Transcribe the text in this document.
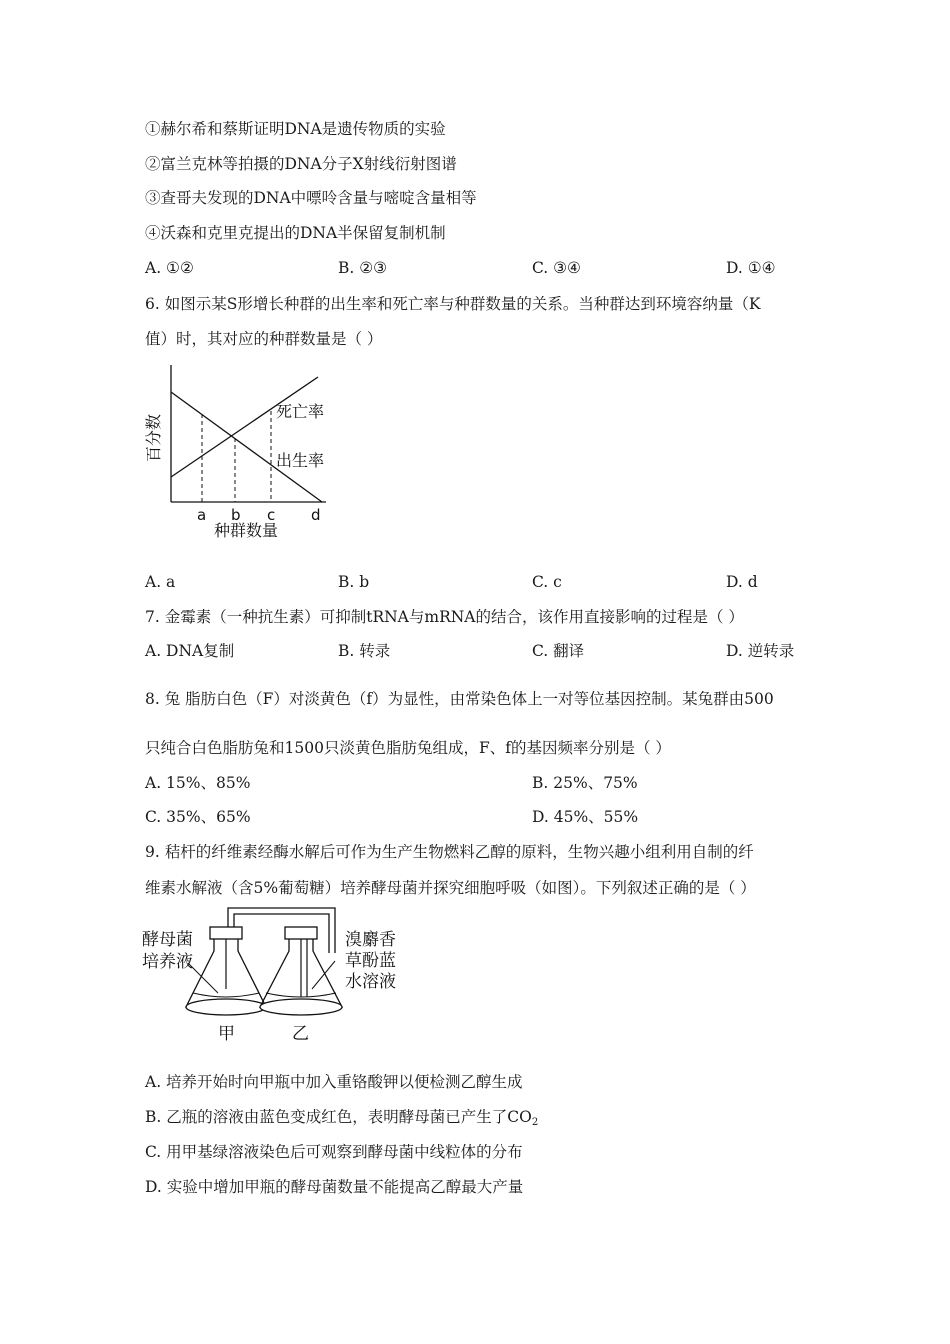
①赫尔希和蔡斯证明DNA是遗传物质的实验
②富兰克林等拍摄的DNA分子X射线衍射图谱
③查哥夫发现的DNA中嘌呤含量与嘧啶含量相等
④沃森和克里克提出的DNA半保留复制机制
A. ①②	B. ②③	C. ③④	D. ①④
6. 如图示某S形增长种群的出生率和死亡率与种群数量的关系。当种群达到环境容纳量（K
值）时，其对应的种群数量是（ ）
百分数
死亡率
出生率
a b c d
种群数量
A. a	B. b	C. c	D. d
7. 金霉素（一种抗生素）可抑制tRNA与mRNA的结合，该作用直接影响的过程是（ ）
A. DNA复制	B. 转录	C. 翻译	D. 逆转录
8. 兔 脂肪白色（F）对淡黄色（f）为显性，由常染色体上一对等位基因控制。某兔群由500
只纯合白色脂肪兔和1500只淡黄色脂肪兔组成，F、f的基因频率分别是（ ）
A. 15%、85%	B. 25%、75%
C. 35%、65%	D. 45%、55%
9. 秸杆的纤维素经酶水解后可作为生产生物燃料乙醇的原料，生物兴趣小组利用自制的纤
维素水解液（含5%葡萄糖）培养酵母菌并探究细胞呼吸（如图）。下列叙述正确的是（ ）
酵母菌
培养液
溴麝香
草酚蓝
水溶液
甲	乙
A. 培养开始时向甲瓶中加入重铬酸钾以便检测乙醇生成
B. 乙瓶的溶液由蓝色变成红色，表明酵母菌已产生了$CO_2$
C. 用甲基绿溶液染色后可观察到酵母菌中线粒体的分布
D. 实验中增加甲瓶的酵母菌数量不能提高乙醇最大产量
